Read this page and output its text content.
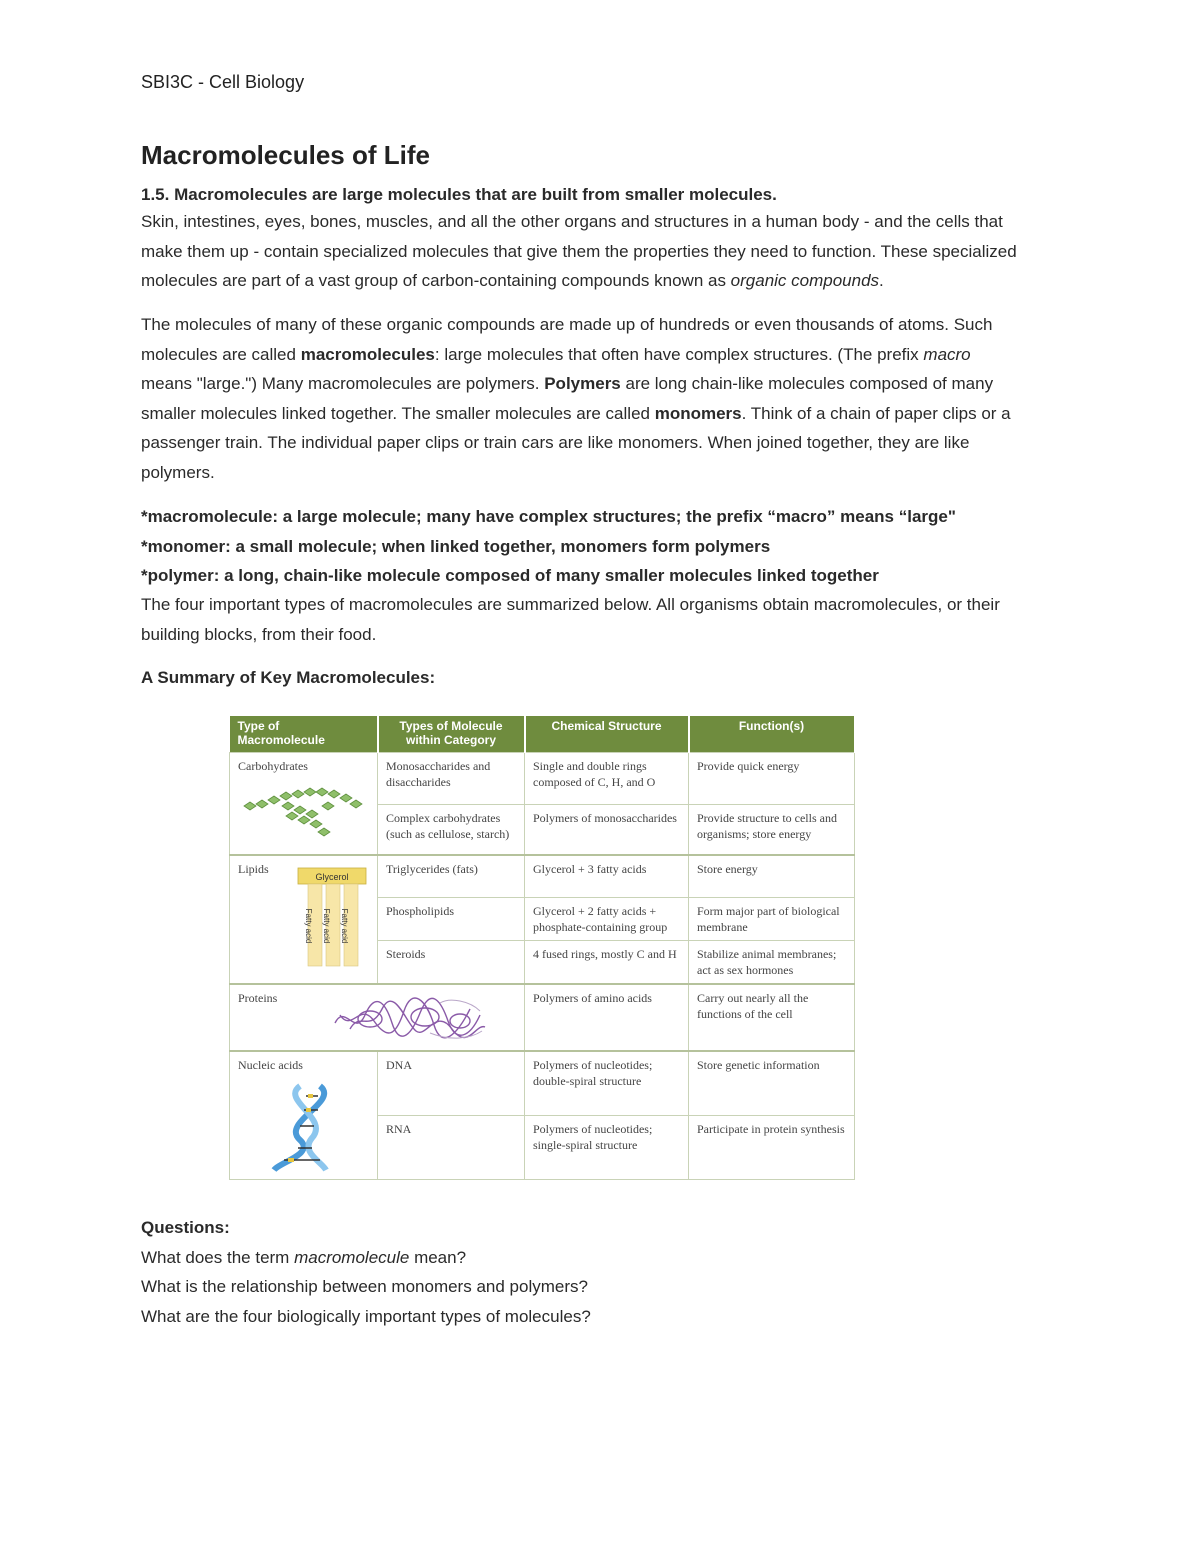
SBI3C - Cell Biology
Macromolecules of Life
1.5. Macromolecules are large molecules that are built from smaller molecules.
Skin, intestines, eyes, bones, muscles, and all the other organs and structures in a human body - and the cells that
make them up - contain specialized molecules that give them the properties they need to function. These specialized
molecules are part of a vast group of carbon-containing compounds known as organic compounds.
The molecules of many of these organic compounds are made up of hundreds or even thousands of atoms. Such
molecules are called macromolecules: large molecules that often have complex structures. (The prefix macro
means "large.") Many macromolecules are polymers. Polymers are long chain-like molecules composed of many
smaller molecules linked together. The smaller molecules are called monomers. Think of a chain of paper clips or a
passenger train. The individual paper clips or train cars are like monomers. When joined together, they are like
polymers.
*macromolecule: a large molecule; many have complex structures; the prefix “macro” means “large"
*monomer: a small molecule; when linked together, monomers form polymers
*polymer: a long, chain-like molecule composed of many smaller molecules linked together
The four important types of macromolecules are summarized below. All organisms obtain macromolecules, or their
building blocks, from their food.
A Summary of Key Macromolecules:
Questions:
What does the term macromolecule mean?
What is the relationship between monomers and polymers?
What are the four biologically important types of molecules?
Type of Macromolecule	Types of Molecule within Category	Chemical Structure	Function(s)

Carbohydrates	Monosaccharides and disaccharides	Single and double rings composed of C, H, and O	Provide quick energy
	Complex carbohydrates (such as cellulose, starch)	Polymers of monosaccharides	Provide structure to cells and organisms; store energy

Lipids
Glycerol
Fatty acid Fatty acid Fatty acid	Triglycerides (fats)	Glycerol + 3 fatty acids	Store energy
	Phospholipids	Glycerol + 2 fatty acids + phosphate-containing group	Form major part of biological membrane
	Steroids	4 fused rings, mostly C and H	Stabilize animal membranes; act as sex hormones

Proteins		Polymers of amino acids	Carry out nearly all the functions of the cell

Nucleic acids	DNA	Polymers of nucleotides; double-spiral structure	Store genetic information
	RNA	Polymers of nucleotides; single-spiral structure	Participate in protein synthesis
